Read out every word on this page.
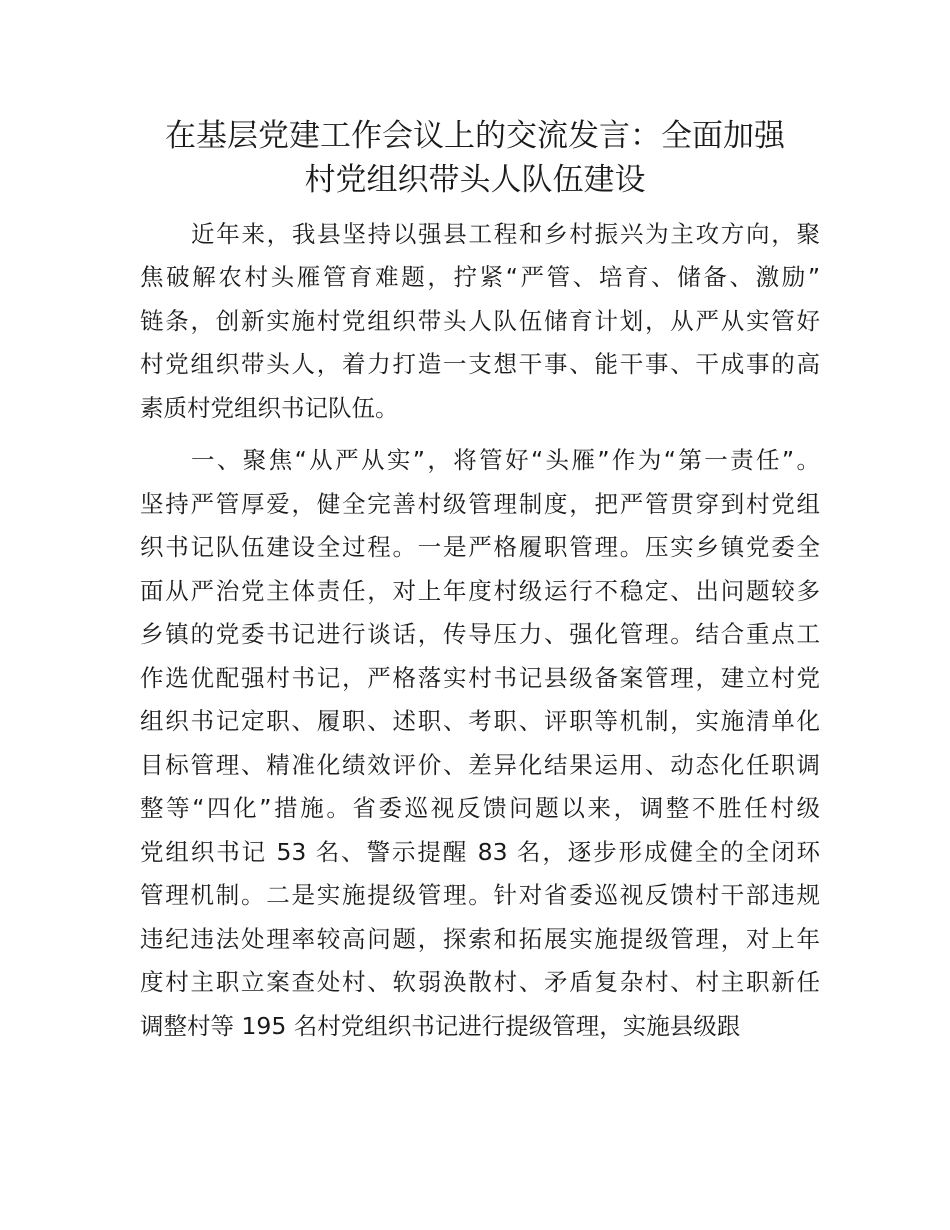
在基层党建工作会议上的交流发言：全面加强
村党组织带头人队伍建设

近年来，我县坚持以强县工程和乡村振兴为主攻方向，聚

焦破解农村头雁管育难题，拧紧“严管、培育、储备、激励”

链条，创新实施村党组织带头人队伍储育计划，从严从实管好

村党组织带头人，着力打造一支想干事、能干事、干成事的高

素质村党组织书记队伍。

一、聚焦“从严从实”，将管好“头雁”作为“第一责任”。

坚持严管厚爱，健全完善村级管理制度，把严管贯穿到村党组

织书记队伍建设全过程。一是严格履职管理。压实乡镇党委全

面从严治党主体责任，对上年度村级运行不稳定、出问题较多

乡镇的党委书记进行谈话，传导压力、强化管理。结合重点工

作选优配强村书记，严格落实村书记县级备案管理，建立村党

组织书记定职、履职、述职、考职、评职等机制，实施清单化

目标管理、精准化绩效评价、差异化结果运用、动态化任职调

整等“四化”措施。省委巡视反馈问题以来，调整不胜任村级

党组织书记 53 名、警示提醒 83 名，逐步形成健全的全闭环

管理机制。二是实施提级管理。针对省委巡视反馈村干部违规

违纪违法处理率较高问题，探索和拓展实施提级管理，对上年

度村主职立案查处村、软弱涣散村、矛盾复杂村、村主职新任

调整村等 195 名村党组织书记进行提级管理，实施县级跟
